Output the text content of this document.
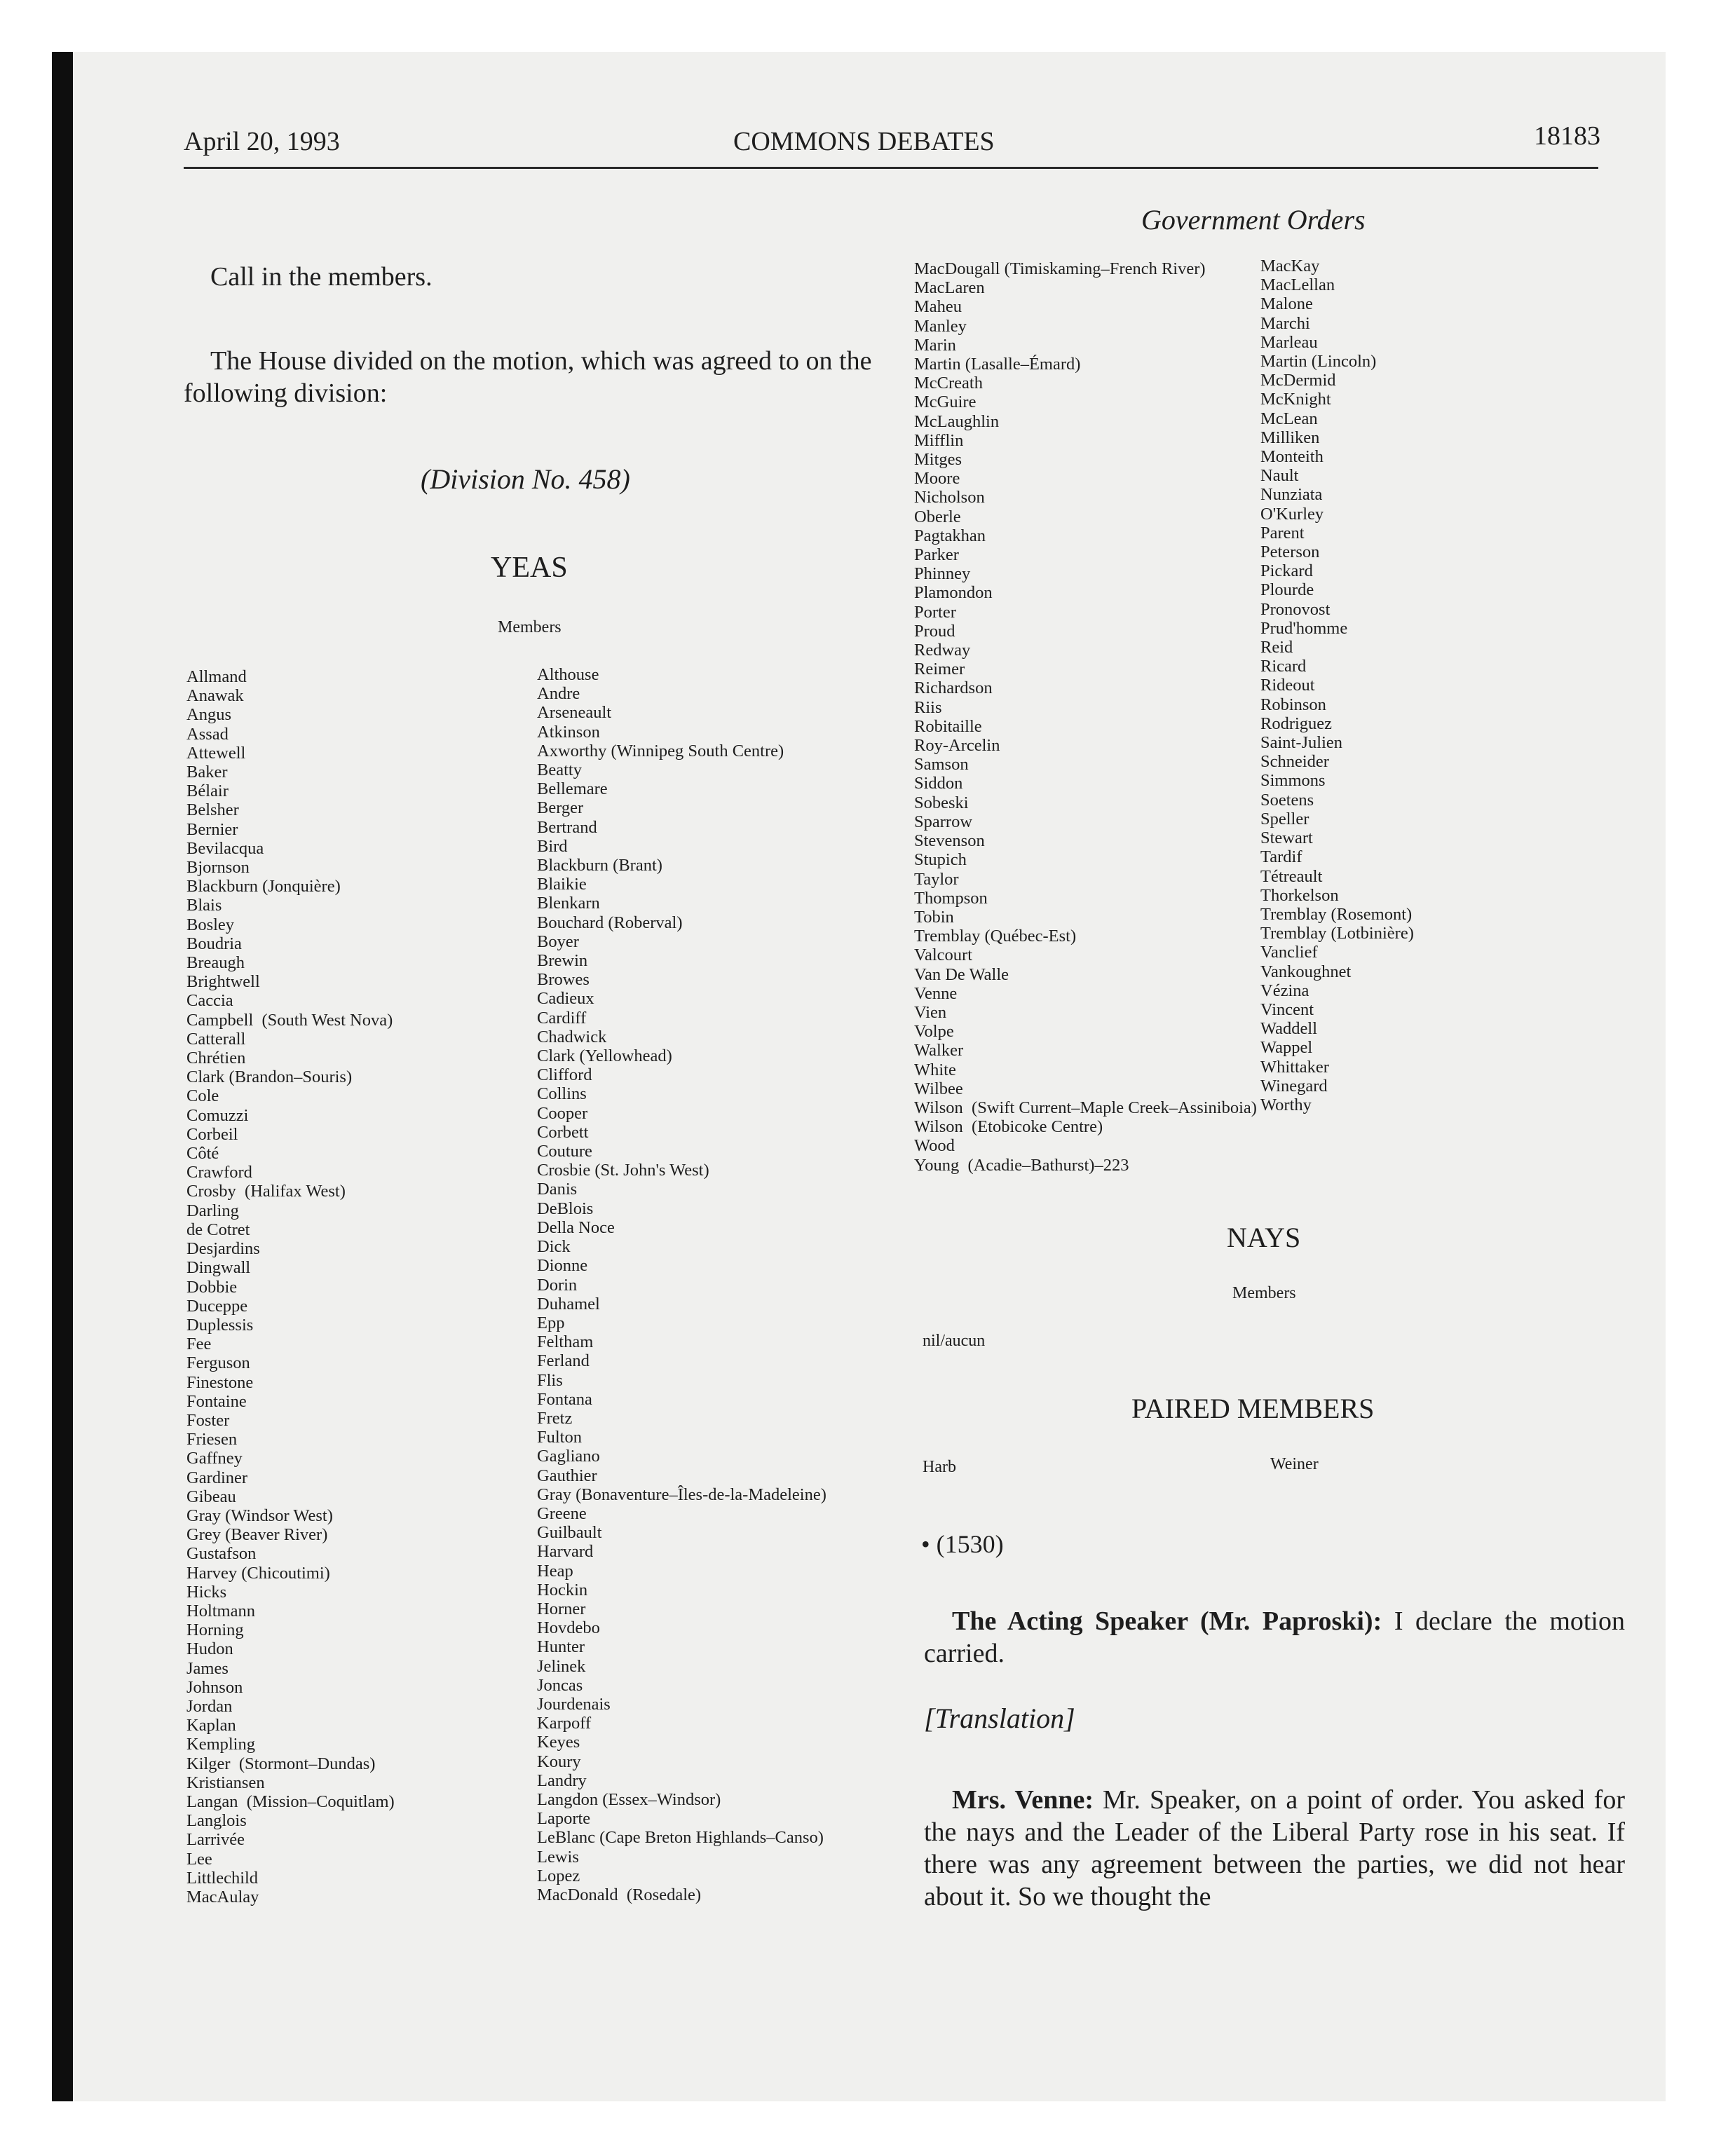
April 20, 1993	COMMONS DEBATES	18183
Government Orders
Call in the members.
The House divided on the motion, which was agreed to on the following division:
(Division No. 458)
YEAS
Members
Allmand
Anawak
Angus
Assad
Attewell
Baker
Bélair
Belsher
Bernier
Bevilacqua
Bjornson
Blackburn (Jonquière)
Blais
Bosley
Boudria
Breaugh
Brightwell
Caccia
Campbell  (South West Nova)
Catterall
Chrétien
Clark (Brandon–Souris)
Cole
Comuzzi
Corbeil
Côté
Crawford
Crosby  (Halifax West)
Darling
de Cotret
Desjardins
Dingwall
Dobbie
Duceppe
Duplessis
Fee
Ferguson
Finestone
Fontaine
Foster
Friesen
Gaffney
Gardiner
Gibeau
Gray (Windsor West)
Grey (Beaver River)
Gustafson
Harvey (Chicoutimi)
Hicks
Holtmann
Horning
Hudon
James
Johnson
Jordan
Kaplan
Kempling
Kilger  (Stormont–Dundas)
Kristiansen
Langan  (Mission–Coquitlam)
Langlois
Larrivée
Lee
Littlechild
MacAulay
Althouse
Andre
Arseneault
Atkinson
Axworthy (Winnipeg South Centre)
Beatty
Bellemare
Berger
Bertrand
Bird
Blackburn (Brant)
Blaikie
Blenkarn
Bouchard (Roberval)
Boyer
Brewin
Browes
Cadieux
Cardiff
Chadwick
Clark (Yellowhead)
Clifford
Collins
Cooper
Corbett
Couture
Crosbie (St. John's West)
Danis
DeBlois
Della Noce
Dick
Dionne
Dorin
Duhamel
Epp
Feltham
Ferland
Flis
Fontana
Fretz
Fulton
Gagliano
Gauthier
Gray (Bonaventure–Îles-de-la-Madeleine)
Greene
Guilbault
Harvard
Heap
Hockin
Horner
Hovdebo
Hunter
Jelinek
Joncas
Jourdenais
Karpoff
Keyes
Koury
Landry
Langdon (Essex–Windsor)
Laporte
LeBlanc (Cape Breton Highlands–Canso)
Lewis
Lopez
MacDonald  (Rosedale)
MacDougall (Timiskaming–French River)
MacLaren
Maheu
Manley
Marin
Martin (Lasalle–Émard)
McCreath
McGuire
McLaughlin
Mifflin
Mitges
Moore
Nicholson
Oberle
Pagtakhan
Parker
Phinney
Plamondon
Porter
Proud
Redway
Reimer
Richardson
Riis
Robitaille
Roy-Arcelin
Samson
Siddon
Sobeski
Sparrow
Stevenson
Stupich
Taylor
Thompson
Tobin
Tremblay (Québec-Est)
Valcourt
Van De Walle
Venne
Vien
Volpe
Walker
White
Wilbee
Wilson  (Swift Current–Maple Creek–Assiniboia)
Wilson  (Etobicoke Centre)
Wood
Young  (Acadie–Bathurst)–223
MacKay
MacLellan
Malone
Marchi
Marleau
Martin (Lincoln)
McDermid
McKnight
McLean
Milliken
Monteith
Nault
Nunziata
O'Kurley
Parent
Peterson
Pickard
Plourde
Pronovost
Prud'homme
Reid
Ricard
Rideout
Robinson
Rodriguez
Saint-Julien
Schneider
Simmons
Soetens
Speller
Stewart
Tardif
Tétreault
Thorkelson
Tremblay (Rosemont)
Tremblay (Lotbinière)
Vanclief
Vankoughnet
Vézina
Vincent
Waddell
Wappel
Whittaker
Winegard
Worthy
NAYS
Members
nil/aucun
PAIRED MEMBERS
Harb	Weiner
• (1530)
The Acting Speaker (Mr. Paproski): I declare the motion carried.
[Translation]
Mrs. Venne: Mr. Speaker, on a point of order. You asked for the nays and the Leader of the Liberal Party rose in his seat. If there was any agreement between the parties, we did not hear about it. So we thought the
